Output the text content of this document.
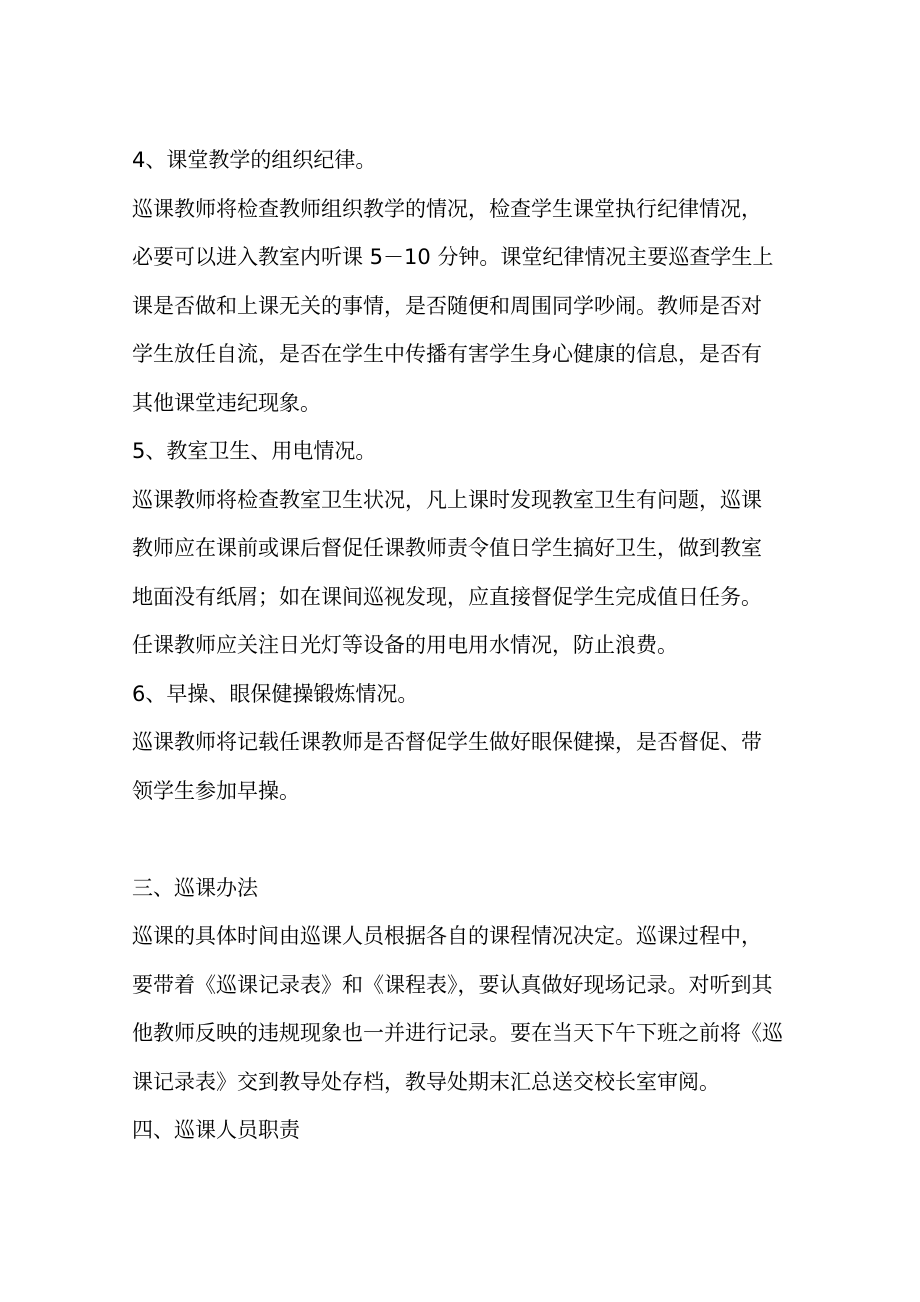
4、课堂教学的组织纪律。
巡课教师将检查教师组织教学的情况，检查学生课堂执行纪律情况，
必要可以进入教室内听课 5－10 分钟。课堂纪律情况主要巡查学生上
课是否做和上课无关的事情，是否随便和周围同学吵闹。教师是否对
学生放任自流，是否在学生中传播有害学生身心健康的信息，是否有
其他课堂违纪现象。
5、教室卫生、用电情况。
巡课教师将检查教室卫生状况，凡上课时发现教室卫生有问题，巡课
教师应在课前或课后督促任课教师责令值日学生搞好卫生，做到教室
地面没有纸屑；如在课间巡视发现，应直接督促学生完成值日任务。
任课教师应关注日光灯等设备的用电用水情况，防止浪费。
6、早操、眼保健操锻炼情况。
巡课教师将记载任课教师是否督促学生做好眼保健操，是否督促、带
领学生参加早操。
三、巡课办法
巡课的具体时间由巡课人员根据各自的课程情况决定。巡课过程中，
要带着《巡课记录表》和《课程表》，要认真做好现场记录。对听到其
他教师反映的违规现象也一并进行记录。要在当天下午下班之前将《巡
课记录表》交到教导处存档，教导处期末汇总送交校长室审阅。
四、巡课人员职责
